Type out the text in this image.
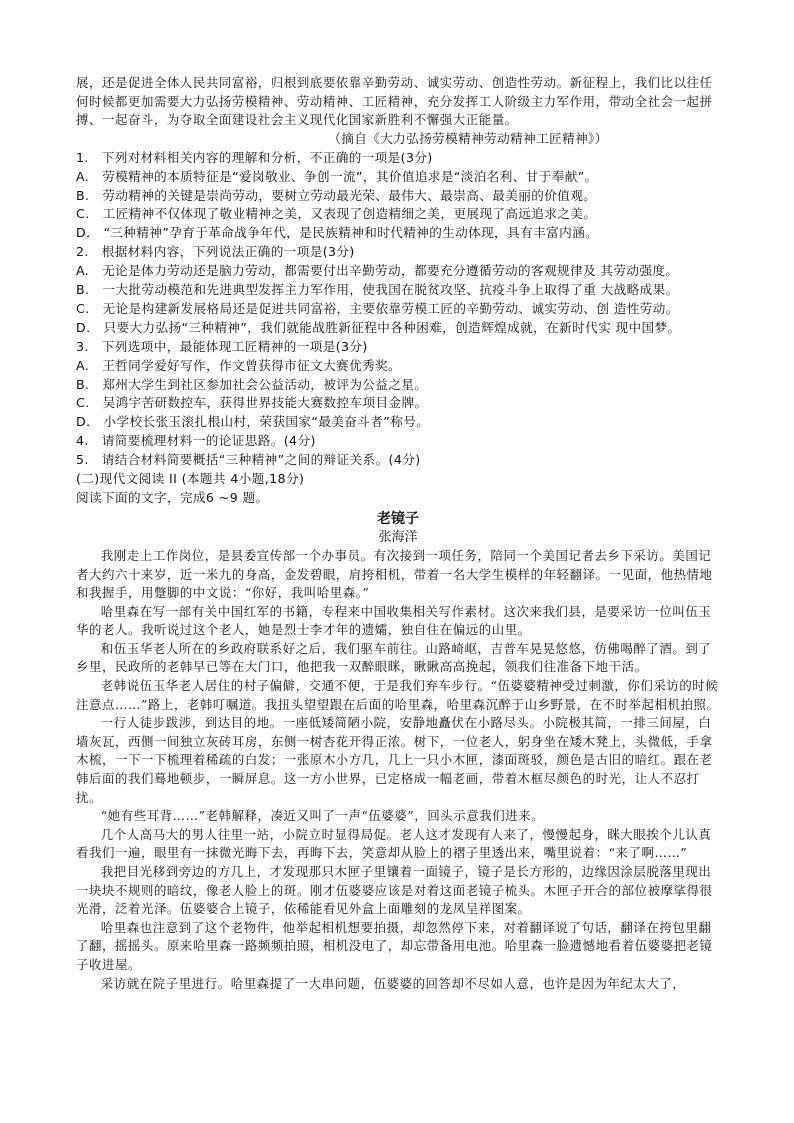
展，还是促进全体人民共同富裕，归根到底要依靠辛勤劳动、诚实劳动、创造性劳动。新征程上，我们比以往任何时候都更加需要大力弘扬劳模精神、劳动精神、工匠精神，充分发挥工人阶级主力军作用，带动全社会一起拼搏、一起奋斗，为夺取全面建设社会主义现代化国家新胜利不懈强大正能量。

（摘自《大力弘扬劳模精神劳动精神工匠精神》）

1.　下列对材料相关内容的理解和分析，不正确的一项是(3分)

A.　劳模精神的本质特征是“爱岗敬业、争创一流”，其价值追求是“淡泊名利、甘于奉献”。

B.　劳动精神的关键是崇尚劳动，要树立劳动最光荣、最伟大、最崇高、最美丽的价值观。

C.　工匠精神不仅体现了敬业精神之美，又表现了创造精细之美，更展现了高远追求之美。

D.　“三种精神”孕育于革命战争年代，是民族精神和时代精神的生动体现，具有丰富内涵。

2.　根据材料内容，下列说法正确的一项是(3分)

A.　无论是体力劳动还是脑力劳动，都需要付出辛勤劳动，都要充分遵循劳动的客观规律及 其劳动强度。

B.　一大批劳动模范和先进典型发挥主力军作用，使我国在脱贫攻坚、抗疫斗争上取得了重 大战略成果。

C.　无论是构建新发展格局还是促进共同富裕，主要依靠劳模工匠的辛勤劳动、诚实劳动、创 造性劳动。

D.　只要大力弘扬“三种精神”，我们就能战胜新征程中各种困难，创造辉煌成就，在新时代实 现中国梦。

3.　下列选项中，最能体现工匠精神的一项是(3分)

A.　王哲同学爱好写作，作文曾获得市征文大赛优秀奖。

B.　郑州大学生到社区参加社会公益活动，被评为公益之星。

C.　吴鸿宇苦研数控车，获得世界技能大赛数控车项目金牌。

D.　小学校长张玉滚扎根山村，荣获国家“最美奋斗者”称号。

4.　请简要梳理材料一的论证思路。(4分)

5.　请结合材料简要概括“三种精神”之间的辩证关系。(4分)

(二)现代文阅读 II (本题共 4小题,18分)

阅读下面的文字，完成6 ~9 题。

老镜子
张海洋

我刚走上工作岗位，是县委宣传部一个办事员。有次接到一项任务，陪同一个美国记者去乡下采访。美国记者大约六十来岁，近一米九的身高，金发碧眼，肩挎相机，带着一名大学生模样的年轻翻译。一见面，他热情地和我握手，用蹩脚的中文说：“你好，我叫哈里森。”

哈里森在写一部有关中国红军的书籍，专程来中国收集相关写作素材。这次来我们县，是要采访一位叫伍玉华的老人。我听说过这个老人，她是烈士李才年的遗孀，独自住在偏远的山里。

和伍玉华老人所在的乡政府联系好之后，我们驱车前往。山路崎岖，吉普车晃晃悠悠，仿佛喝醉了酒。到了乡里，民政所的老韩早已等在大门口，他把我一双醉眼眯，瞅瞅高高挽起，领我们往准备下地干活。

老韩说伍玉华老人居住的村子偏僻，交通不便，于是我们弃车步行。“伍婆婆精神受过刺激，你们采访的时候注意点……”路上，老韩叮嘱道。我扭头望望跟在后面的哈里森，哈里森沉醉于山乡野景，在不时举起相机拍照。

一行人徒步跋涉，到达目的地。一座低矮简陋小院，安静地矗伏在小路尽头。小院极其简，一排三间屋，白墙灰瓦，西侧一间独立灰砖耳房，东侧一树杏花开得正浓。树下，一位老人，躬身坐在矮木凳上，头微低，手拿木梳，一下一下梳理着稀疏的白发；一张原木小方几，几上一只小木匣，漆面斑驳，颜色是古旧的暗红。跟在老韩后面的我们蓦地顿步，一瞬屏息。这一方小世界，已定格成一幅老画，带着木框尽颜色的时光，让人不忍打扰。

“她有些耳背……”老韩解释，凑近又叫了一声“伍婆婆”，回头示意我们进来。

几个人高马大的男人往里一站，小院立时显得局促。老人这才发现有人来了，慢慢起身，眯大眼挨个儿认真看我们一遍，眼里有一抹微光晦下去，再晦下去，笑意却从脸上的褶子里透出来，嘴里说着：“来了啊……”

我把目光移到旁边的方几上，才发现那只木匣子里镶着一面镜子，镜子是长方形的，边缘因涂层脱落里现出一块块不规则的暗纹，像老人脸上的斑。刚才伍婆婆应该是对着这面老镜子梳头。木匣子开合的部位被摩挲得很光滑，泛着光泽。伍婆婆合上镜子，依稀能看见外盒上面雕刻的龙凤呈祥图案。

哈里森也注意到了这个老物件，他举起相机想要拍摄，却忽然停下来，对着翻译说了句话，翻译在挎包里翻了翻，摇摇头。原来哈里森一路频频拍照，相机没电了，却忘带备用电池。哈里森一脸遗憾地看着伍婆婆把老镜子收进屋。

采访就在院子里进行。哈里森提了一大串问题，伍婆婆的回答却不尽如人意，也许是因为年纪太大了，
